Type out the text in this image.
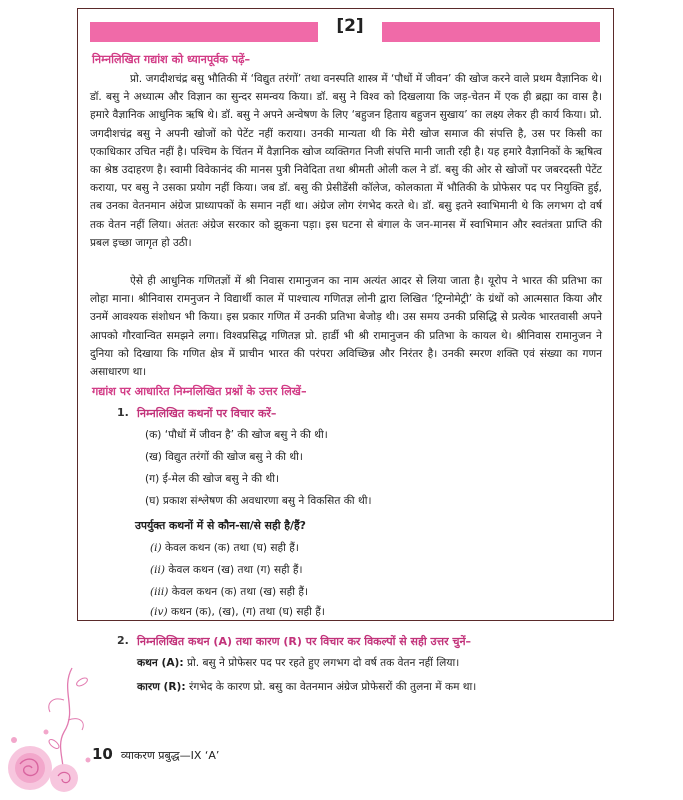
[2]
निम्नलिखित गद्यांश को ध्यानपूर्वक पढ़ें–

प्रो. जगदीशचंद्र बसु भौतिकी में ‘विद्युत तरंगों’ तथा वनस्पति शास्त्र में ‘पौधों में जीवन’ की खोज करने वाले प्रथम वैज्ञानिक थे। डॉ. बसु ने अध्यात्म और विज्ञान का सुन्दर समन्वय किया। डॉ. बसु ने विश्व को दिखलाया कि जड़-चेतन में एक ही ब्रह्मा का वास है। हमारे वैज्ञानिक आधुनिक ऋषि थे। डॉ. बसु ने अपने अन्वेषण के लिए ‘बहुजन हिताय बहुजन सुखाय’ का लक्ष्य लेकर ही कार्य किया। प्रो. जगदीशचंद्र बसु ने अपनी खोजों को पेटेंट नहीं कराया। उनकी मान्यता थी कि मेरी खोज समाज की संपत्ति है, उस पर किसी का एकाधिकार उचित नहीं है। पश्चिम के चिंतन में वैज्ञानिक खोज व्यक्तिगत निजी संपत्ति मानी जाती रही है। यह हमारे वैज्ञानिकों के ऋषित्व का श्रेष्ठ उदाहरण है। स्वामी विवेकानंद की मानस पुत्री निवेदिता तथा श्रीमती ओली कल ने डॉ. बसु की ओर से खोजों पर जबरदस्ती पेटेंट कराया, पर बसु ने उसका प्रयोग नहीं किया। जब डॉ. बसु की प्रेसीडेंसी कॉलेज, कोलकाता में भौतिकी के प्रोफेसर पद पर नियुक्ति हुई, तब उनका वेतनमान अंग्रेज प्राध्यापकों के समान नहीं था। अंग्रेज लोग रंगभेद करते थे। डॉ. बसु इतने स्वाभिमानी थे कि लगभग दो वर्ष तक वेतन नहीं लिया। अंततः अंग्रेज सरकार को झुकना पड़ा। इस घटना से बंगाल के जन-मानस में स्वाभिमान और स्वतंत्रता प्राप्ति की प्रबल इच्छा जागृत हो उठी।

ऐसे ही आधुनिक गणितज्ञों में श्री निवास रामानुजन का नाम अत्यंत आदर से लिया जाता है। यूरोप ने भारत की प्रतिभा का लोहा माना। श्रीनिवास रामनुजन ने विद्यार्थी काल में पाश्चात्य गणितज्ञ लोनी द्वारा लिखित ‘ट्रिग्नोमेट्री’ के ग्रंथों को आत्मसात किया और उनमें आवश्यक संशोधन भी किया। इस प्रकार गणित में उनकी प्रतिभा बेजोड़ थी। उस समय उनकी प्रसिद्धि से प्रत्येक भारतवासी अपने आपको गौरवान्वित समझने लगा। विश्वप्रसिद्ध गणितज्ञ प्रो. हार्डी भी श्री रामानुजन की प्रतिभा के कायल थे। श्रीनिवास रामानुजन ने दुनिया को दिखाया कि गणित क्षेत्र में प्राचीन भारत की परंपरा अविच्छिन्न और निरंतर है। उनकी स्मरण शक्ति एवं संख्या का गणन असाधारण था।

गद्यांश पर आधारित निम्नलिखित प्रश्नों के उत्तर लिखें–
1. निम्नलिखित कथनों पर विचार करें–
(क) ‘पौधों में जीवन है’ की खोज बसु ने की थी।
(ख) विद्युत तरंगों की खोज बसु ने की थी।
(ग) ई-मेल की खोज बसु ने की थी।
(घ) प्रकाश संश्लेषण की अवधारणा बसु ने विकसित की थी।
उपर्युक्त कथनों में से कौन-सा/से सही है/हैं?
(i) केवल कथन (क) तथा (घ) सही हैं।
(ii) केवल कथन (ख) तथा (ग) सही हैं।
(iii) केवल कथन (क) तथा (ख) सही हैं।
(iv) कथन (क), (ख), (ग) तथा (घ) सही हैं।
2. निम्नलिखित कथन (A) तथा कारण (R) पर विचार कर विकल्पों से सही उत्तर चुनें–
कथन (A): प्रो. बसु ने प्रोफेसर पद पर रहते हुए लगभग दो वर्ष तक वेतन नहीं लिया।
कारण (R): रंगभेद के कारण प्रो. बसु का वेतनमान अंग्रेज प्रोफेसरों की तुलना में कम था।
10 व्याकरण प्रबुद्ध—IX ‘A’
